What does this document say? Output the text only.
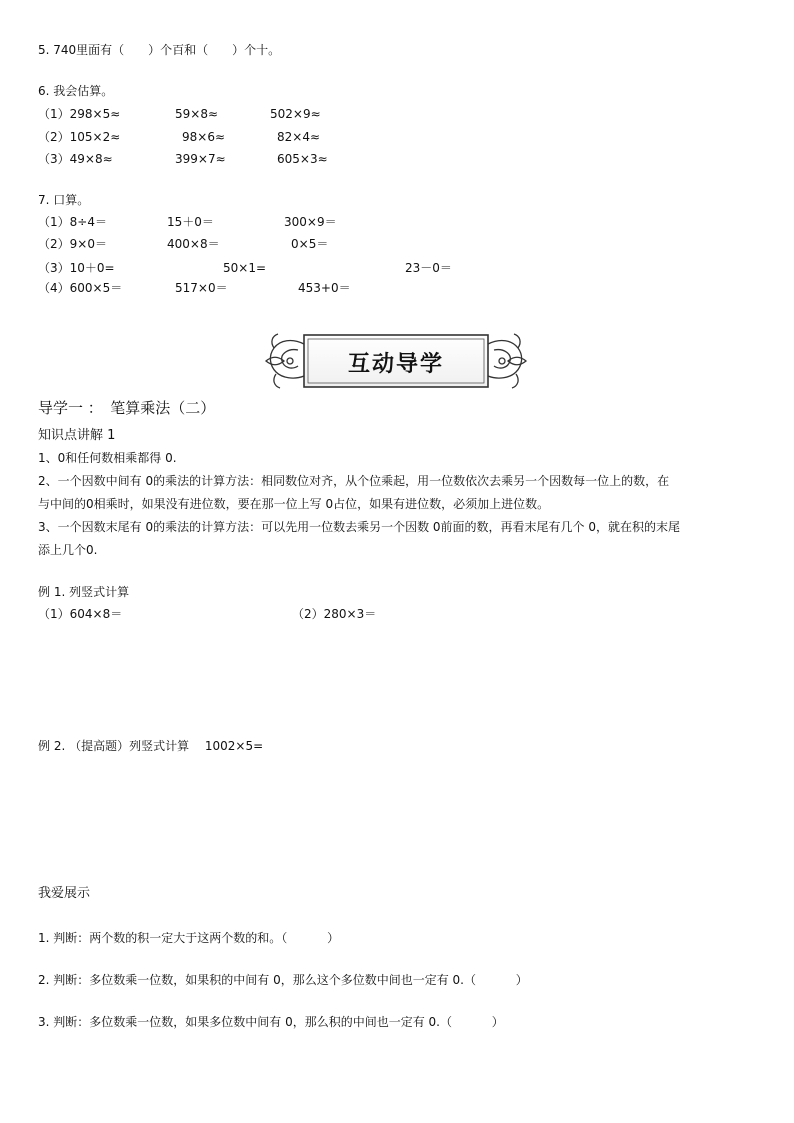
5. 740里面有（　　）个百和（　　）个十。
6. 我会估算。
（1）298×5≈	59×8≈	502×9≈
（2）105×2≈	98×6≈	82×4≈
（3）49×8≈	399×7≈	605×3≈
7. 口算。
（1）8÷4＝	15＋0＝	300×9＝
（2）9×0＝	400×8＝	0×5＝
（3）10＋0=	50×1=	23－0＝
（4）600×5＝	517×0＝	453+0＝
互动导学
导学一 ：　笔算乘法（二）
知识点讲解 1
1、0和任何数相乘都得 0.
2、一个因数中间有 0的乘法的计算方法：相同数位对齐，从个位乘起，用一位数依次去乘另一个因数每一位上的数，在
与中间的0相乘时，如果没有进位数，要在那一位上写 0占位，如果有进位数，必须加上进位数。
3、一个因数末尾有 0的乘法的计算方法：可以先用一位数去乘另一个因数 0前面的数，再看末尾有几个 0，就在积的末尾
添上几个0.
例 1. 列竖式计算
（1）604×8＝	（2）280×3＝
例 2. （提高题）列竖式计算　 1002×5=
我爱展示
1. 判断：两个数的积一定大于这两个数的和。（　　　 ）
2. 判断：多位数乘一位数，如果积的中间有 0，那么这个多位数中间也一定有 0.（　　　 ）
3. 判断：多位数乘一位数，如果多位数中间有 0，那么积的中间也一定有 0.（　　　 ）
